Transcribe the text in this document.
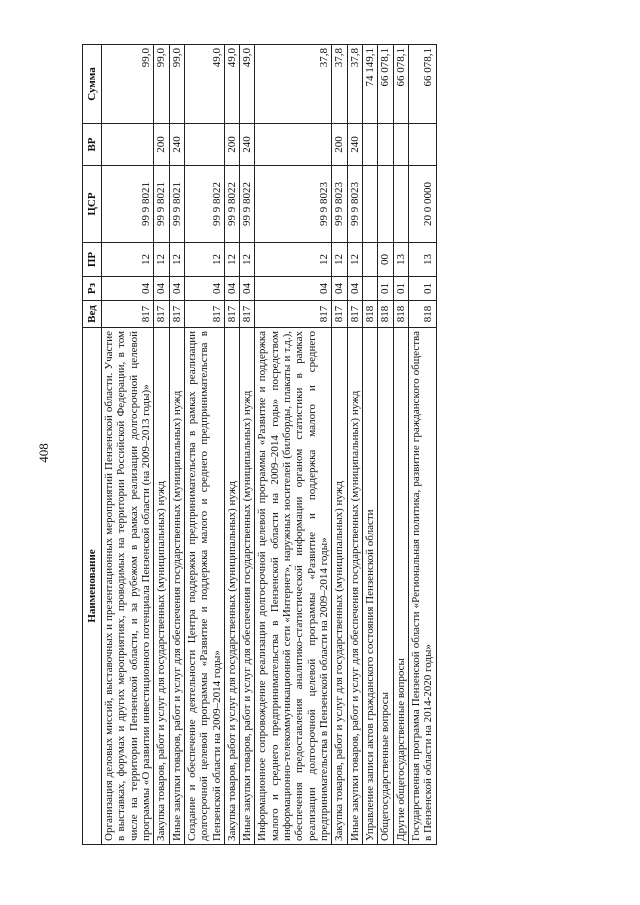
408
Наименование	Вед	Рз	ПР	ЦСР	ВР	Сумма
Организация деловых миссий, выставочных и презентационных мероприятий Пензенской области. Участие в выставках, форумах и других мероприятиях, проводимых на территории Российской Федерации, в том числе на территории Пензенской области, и за рубежом в рамках реализации долгосрочной целевой программы «О развитии инвестиционного потенциала Пензенской области (на 2009–2013 годы)»	817	04	12	99 9 8021		99,0
Закупка товаров, работ и услуг для государственных (муниципальных) нужд	817	04	12	99 9 8021	200	99,0
Иные закупки товаров, работ и услуг для обеспечения государственных (муниципальных) нужд	817	04	12	99 9 8021	240	99,0
Создание и обеспечение деятельности Центра поддержки предпринимательства в рамках реализации долгосрочной целевой программы «Развитие и поддержка малого и среднего предпринимательства в Пензенской области на 2009–2014 годы»	817	04	12	99 9 8022		49,0
Закупка товаров, работ и услуг для государственных (муниципальных) нужд	817	04	12	99 9 8022	200	49,0
Иные закупки товаров, работ и услуг для обеспечения государственных (муниципальных) нужд	817	04	12	99 9 8022	240	49,0
Информационное сопровождение реализации долгосрочной целевой программы «Развитие и поддержка малого и среднего предпринимательства в Пензенской области на 2009–2014 годы» посредством информационно-телекоммуникационной сети «Интернет», наружных носителей (билборды, плакаты и т.д.), обеспечения предоставления аналитико-статистической информации органом статистики в рамках реализации долгосрочной целевой программы «Развитие и поддержка малого и среднего предпринимательства в Пензенской области на 2009–2014 годы»	817	04	12	99 9 8023		37,8
Закупка товаров, работ и услуг для государственных (муниципальных) нужд	817	04	12	99 9 8023	200	37,8
Иные закупки товаров, работ и услуг для обеспечения государственных (муниципальных) нужд	817	04	12	99 9 8023	240	37,8
Управление записи актов гражданского состояния Пензенской области	818					74 149,1
Общегосударственные вопросы	818	01	00			66 078,1
Другие общегосударственные вопросы	818	01	13			66 078,1
Государственная программа Пензенской области «Региональная политика, развитие гражданского общества в Пензенской области на 2014-2020 годы»	818	01	13	20 0 0000		66 078,1
